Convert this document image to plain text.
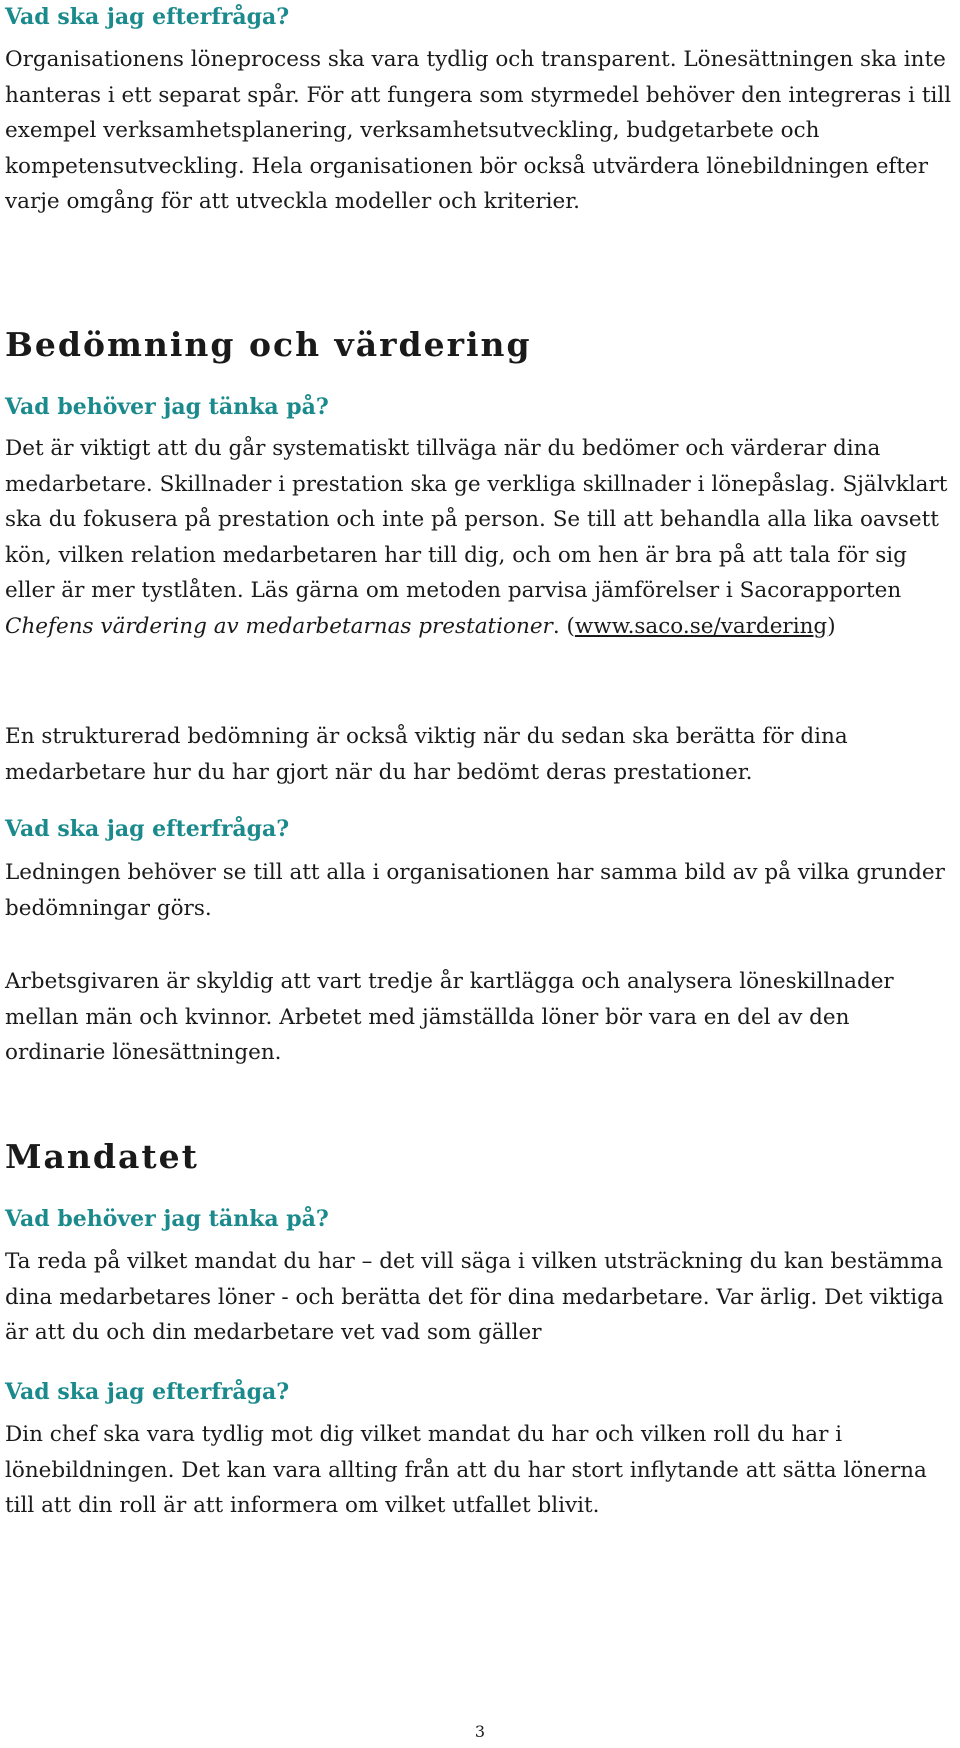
Vad ska jag efterfråga?

Organisationens löneprocess ska vara tydlig och transparent. Lönesättningen ska inte hanteras i ett separat spår. För att fungera som styrmedel behöver den integreras i till exempel verksamhetsplanering, verksamhetsutveckling, budgetarbete och kompetensutveckling. Hela organisationen bör också utvärdera lönebildningen efter varje omgång för att utveckla modeller och kriterier.

Bedömning och värdering
Vad behöver jag tänka på?

Det är viktigt att du går systematiskt tillväga när du bedömer och värderar dina medarbetare. Skillnader i prestation ska ge verkliga skillnader i lönepåslag. Självklart ska du fokusera på prestation och inte på person. Se till att behandla alla lika oavsett kön, vilken relation medarbetaren har till dig, och om hen är bra på att tala för sig eller är mer tystlåten. Läs gärna om metoden parvisa jämförelser i Sacorapporten Chefens värdering av medarbetarnas prestationer. (www.saco.se/vardering)

En strukturerad bedömning är också viktig när du sedan ska berätta för dina medarbetare hur du har gjort när du har bedömt deras prestationer.

Vad ska jag efterfråga?

Ledningen behöver se till att alla i organisationen har samma bild av på vilka grunder bedömningar görs.

Arbetsgivaren är skyldig att vart tredje år kartlägga och analysera löneskillnader mellan män och kvinnor. Arbetet med jämställda löner bör vara en del av den ordinarie lönesättningen.

Mandatet
Vad behöver jag tänka på?

Ta reda på vilket mandat du har – det vill säga i vilken utsträckning du kan bestämma dina medarbetares löner - och berätta det för dina medarbetare. Var ärlig. Det viktiga är att du och din medarbetare vet vad som gäller

Vad ska jag efterfråga?

Din chef ska vara tydlig mot dig vilket mandat du har och vilken roll du har i lönebildningen. Det kan vara allting från att du har stort inflytande att sätta lönerna till att din roll är att informera om vilket utfallet blivit.

3
